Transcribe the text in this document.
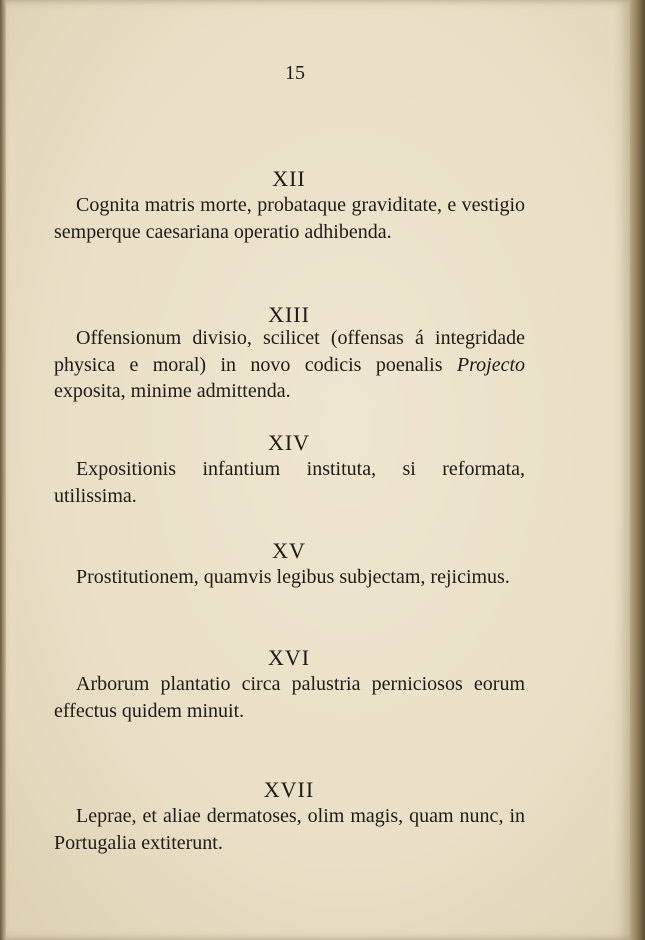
15
XII
Cognita matris morte, probataque graviditate, e vestigio semperque caesariana operatio adhibenda.
XIII
Offensionum divisio, scilicet (offensas á integridade physica e moral) in novo codicis poenalis Projecto exposita, minime admittenda.
XIV
Expositionis infantium instituta, si reformata, utilissima.
XV
Prostitutionem, quamvis legibus subjectam, rejicimus.
XVI
Arborum plantatio circa palustria perniciosos eorum effectus quidem minuit.
XVII
Leprae, et aliae dermatoses, olim magis, quam nunc, in Portugalia extiterunt.
